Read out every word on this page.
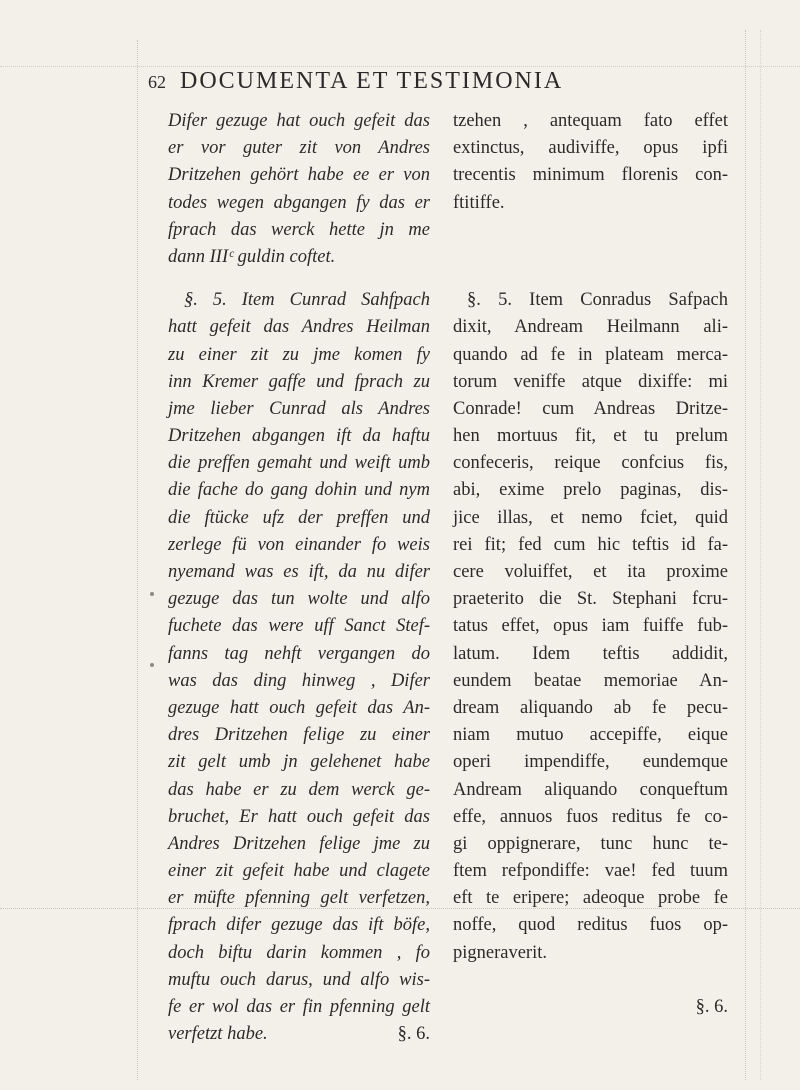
62 DOCUMENTA ET TESTIMONIA
Difer gezuge hat ouch gefeit das
er vor guter zit von Andres
Dritzehen gehört habe ee er von
todes wegen abgangen fy das er
fprach das werck hette jn me
dann IIIᶜ guldin coftet.
§. 5. Item Cunrad Sahfpach
hatt gefeit das Andres Heilman
zu einer zit zu jme komen fy
inn Kremer gaffe und fprach zu
jme lieber Cunrad als Andres
Dritzehen abgangen ift da haftu
die preffen gemaht und weift umb
die fache do gang dohin und nym
die ftücke ufz der preffen und
zerlege fü von einander fo weis
nyemand was es ift, da nu difer
gezuge das tun wolte und alfo
fuchete das were uff Sanct Stef-
fanns tag nehft vergangen do
was das ding hinweg , Difer
gezuge hatt ouch gefeit das An-
dres Dritzehen felige zu einer
zit gelt umb jn gelehenet habe
das habe er zu dem werck ge-
bruchet, Er hatt ouch gefeit das
Andres Dritzehen felige jme zu
einer zit gefeit habe und clagete
er müfte pfenning gelt verfetzen,
fprach difer gezuge das ift böfe,
doch biftu darin kommen , fo
muftu ouch darus, und alfo wis-
fe er wol das er fin pfenning gelt
verfetzt habe.	§. 6.
tzehen , antequam fato effet
extinctus, audiviffe, opus ipfi
trecentis minimum florenis con-
ftitiffe.
§. 5. Item Conradus Safpach
dixit, Andream Heilmann ali-
quando ad fe in plateam merca-
torum veniffe atque dixiffe: mi
Conrade! cum Andreas Dritze-
hen mortuus fit, et tu prelum
confeceris, reique confcius fis,
abi, exime prelo paginas, dis-
jice illas, et nemo fciet, quid
rei fit; fed cum hic teftis id fa-
cere voluiffet, et ita proxime
praeterito die St. Stephani fcru-
tatus effet, opus iam fuiffe fub-
latum. Idem teftis addidit,
eundem beatae memoriae An-
dream aliquando ab fe pecu-
niam mutuo accepiffe, eique
operi impendiffe, eundemque
Andream aliquando conqueftum
effe, annuos fuos reditus fe co-
gi oppignerare, tunc hunc te-
ftem refpondiffe: vae! fed tuum
eft te eripere; adeoque probe fe
noffe, quod reditus fuos op-
pigneraverit.
§. 6.
